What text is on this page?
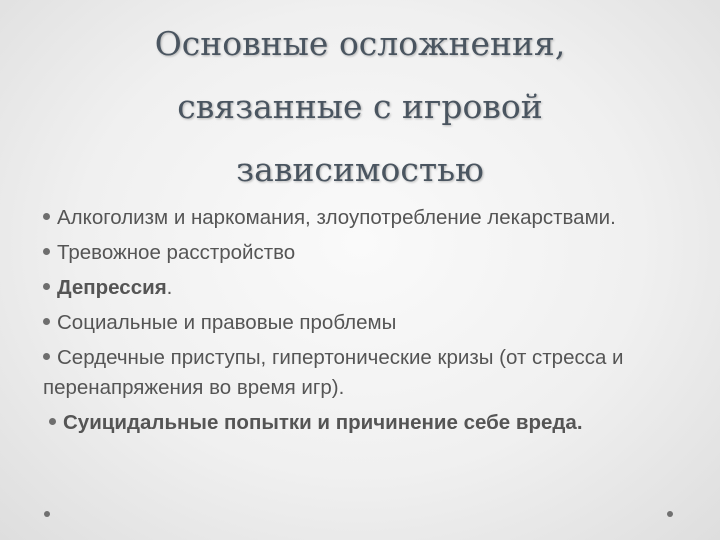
Основные осложнения,
связанные с игровой
зависимостью
Алкоголизм и наркомания, злоупотребление лекарствами.
Тревожное расстройство
Депрессия.
Социальные и правовые проблемы
Сердечные приступы, гипертонические кризы (от стресса и перенапряжения во время игр).
Суицидальные попытки и причинение себе вреда.
